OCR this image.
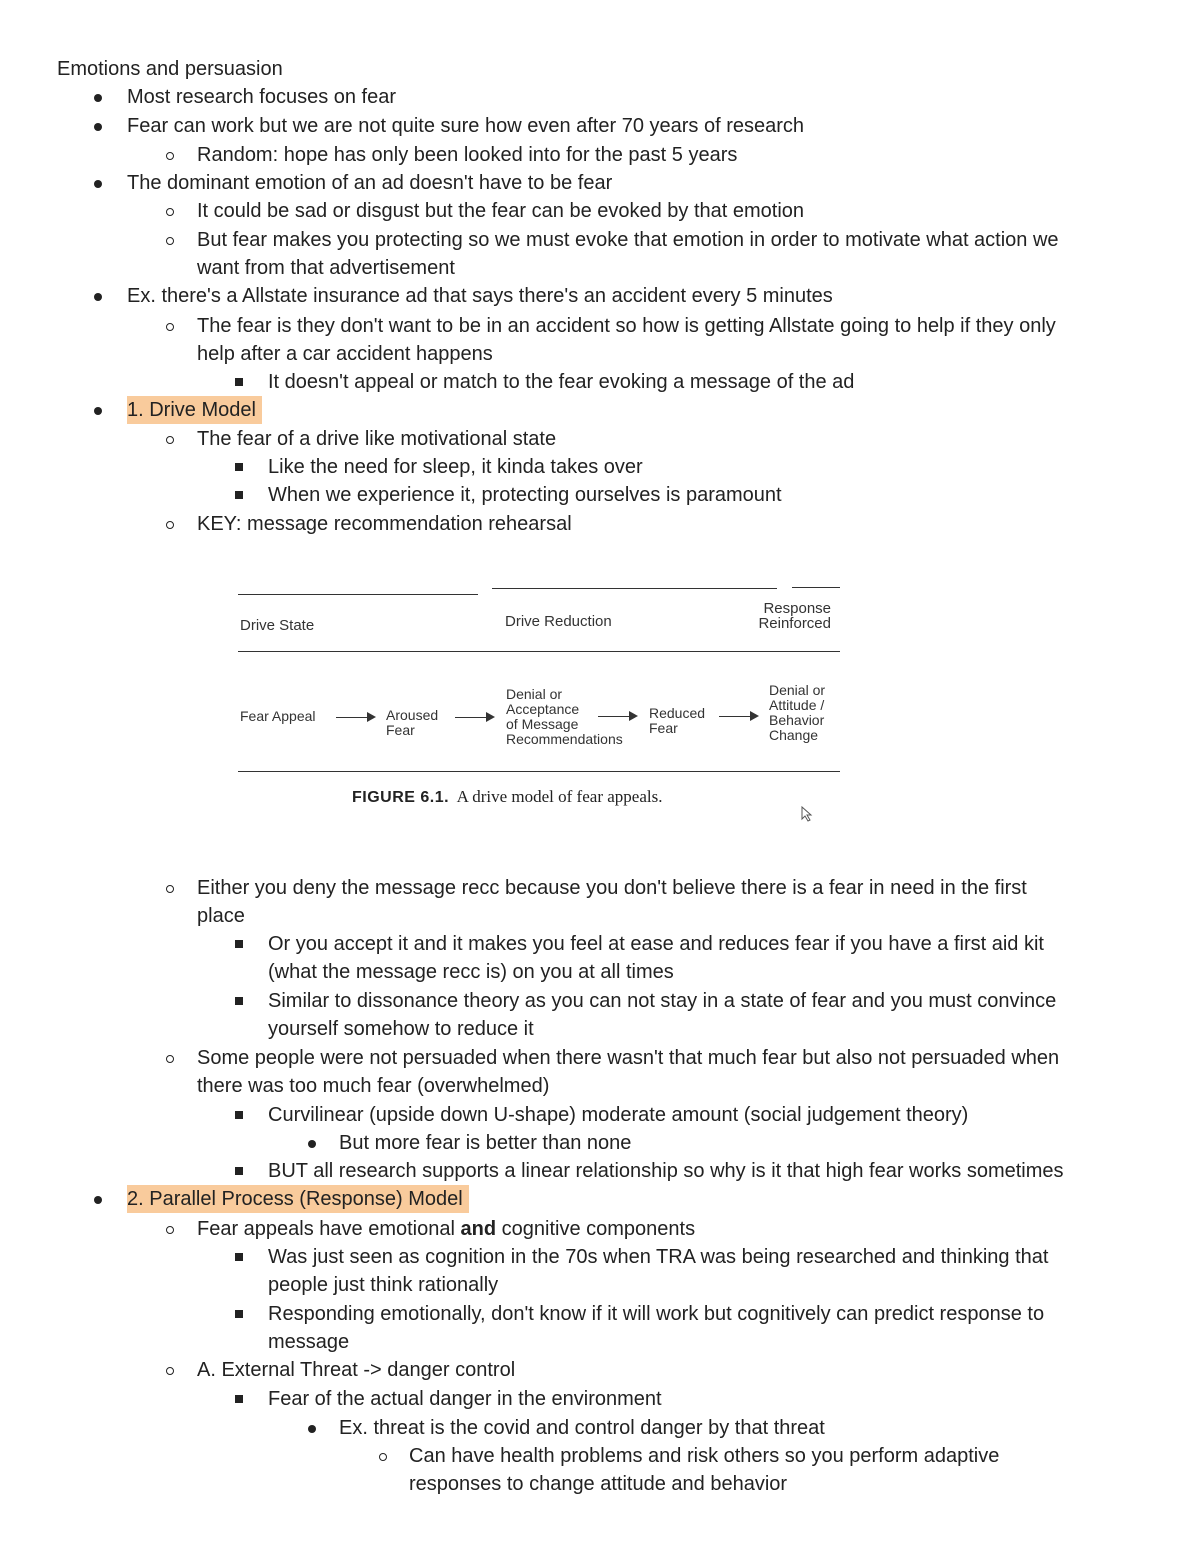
Emotions and persuasion
Most research focuses on fear
Fear can work but we are not quite sure how even after 70 years of research
Random: hope has only been looked into for the past 5 years
The dominant emotion of an ad doesn't have to be fear
It could be sad or disgust but the fear can be evoked by that emotion
But fear makes you protecting so we must evoke that emotion in order to motivate what action we
want from that advertisement
Ex. there's a Allstate insurance ad that says there's an accident every 5 minutes
The fear is they don't want to be in an accident so how is getting Allstate going to help if they only
help after a car accident happens
It doesn't appeal or match to the fear evoking a message of the ad
1. Drive Model
The fear of a drive like motivational state
Like the need for sleep, it kinda takes over
When we experience it, protecting ourselves is paramount
KEY: message recommendation rehearsal
Drive State	Drive Reduction
Response
Reinforced
Fear Appeal	Aroused
Fear
Denial or
Acceptance
of Message
Recommendations
Reduced
Fear
Denial or
Attitude /
Behavior
Change
FIGURE 6.1. A drive model of fear appeals.
Either you deny the message recc because you don't believe there is a fear in need in the first
place
Or you accept it and it makes you feel at ease and reduces fear if you have a first aid kit
(what the message recc is) on you at all times
Similar to dissonance theory as you can not stay in a state of fear and you must convince
yourself somehow to reduce it
Some people were not persuaded when there wasn't that much fear but also not persuaded when
there was too much fear (overwhelmed)
Curvilinear (upside down U-shape) moderate amount (social judgement theory)
But more fear is better than none
BUT all research supports a linear relationship so why is it that high fear works sometimes
2. Parallel Process (Response) Model
Fear appeals have emotional and cognitive components
Was just seen as cognition in the 70s when TRA was being researched and thinking that
people just think rationally
Responding emotionally, don't know if it will work but cognitively can predict response to
message
A. External Threat -> danger control
Fear of the actual danger in the environment
Ex. threat is the covid and control danger by that threat
Can have health problems and risk others so you perform adaptive
responses to change attitude and behavior
